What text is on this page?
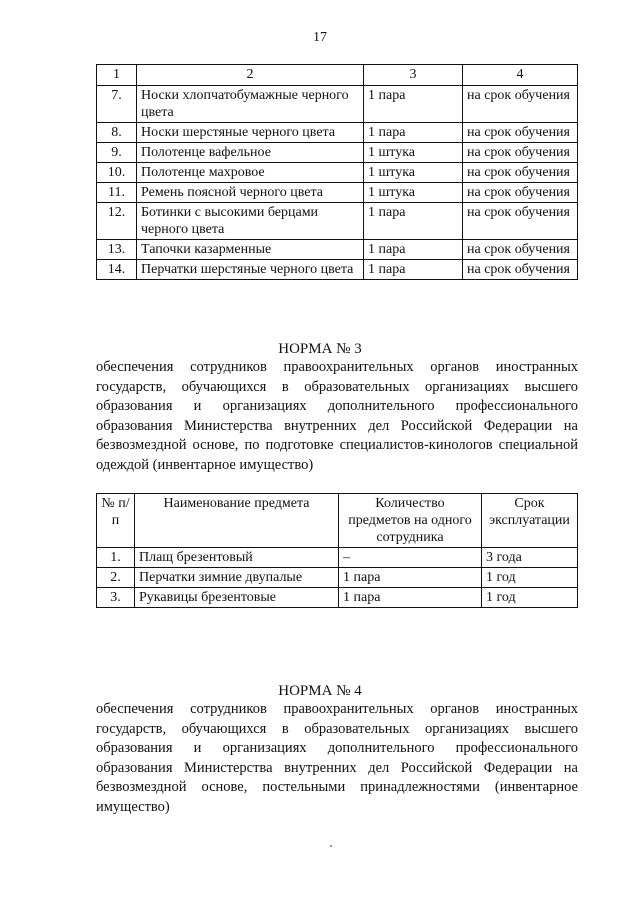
17
1	2	3	4
7.	Носки хлопчатобумажные черного цвета	1 пара	на срок обучения
8.	Носки шерстяные черного цвета	1 пара	на срок обучения
9.	Полотенце вафельное	1 штука	на срок обучения
10.	Полотенце махровое	1 штука	на срок обучения
11.	Ремень поясной черного цвета	1 штука	на срок обучения
12.	Ботинки с высокими берцами черного цвета	1 пара	на срок обучения
13.	Тапочки казарменные	1 пара	на срок обучения
14.	Перчатки шерстяные черного цвета	1 пара	на срок обучения
НОРМА № 3

обеспечения сотрудников правоохранительных органов иностранных государств, обучающихся в образовательных организациях высшего образования и организациях дополнительного профессионального образования Министерства внутренних дел Российской Федерации на безвозмездной основе, по подготовке специалистов-кинологов специальной одеждой (инвентарное имущество)

№ п/п	Наименование предмета	Количество предметов на одного сотрудника	Срок эксплуатации
1.	Плащ брезентовый	–	3 года
2.	Перчатки зимние двупалые	1 пара	1 год
3.	Рукавицы брезентовые	1 пара	1 год
НОРМА № 4

обеспечения сотрудников правоохранительных органов иностранных государств, обучающихся в образовательных организациях высшего образования и организациях дополнительного профессионального образования Министерства внутренних дел Российской Федерации на безвозмездной основе, постельными принадлежностями (инвентарное имущество)
